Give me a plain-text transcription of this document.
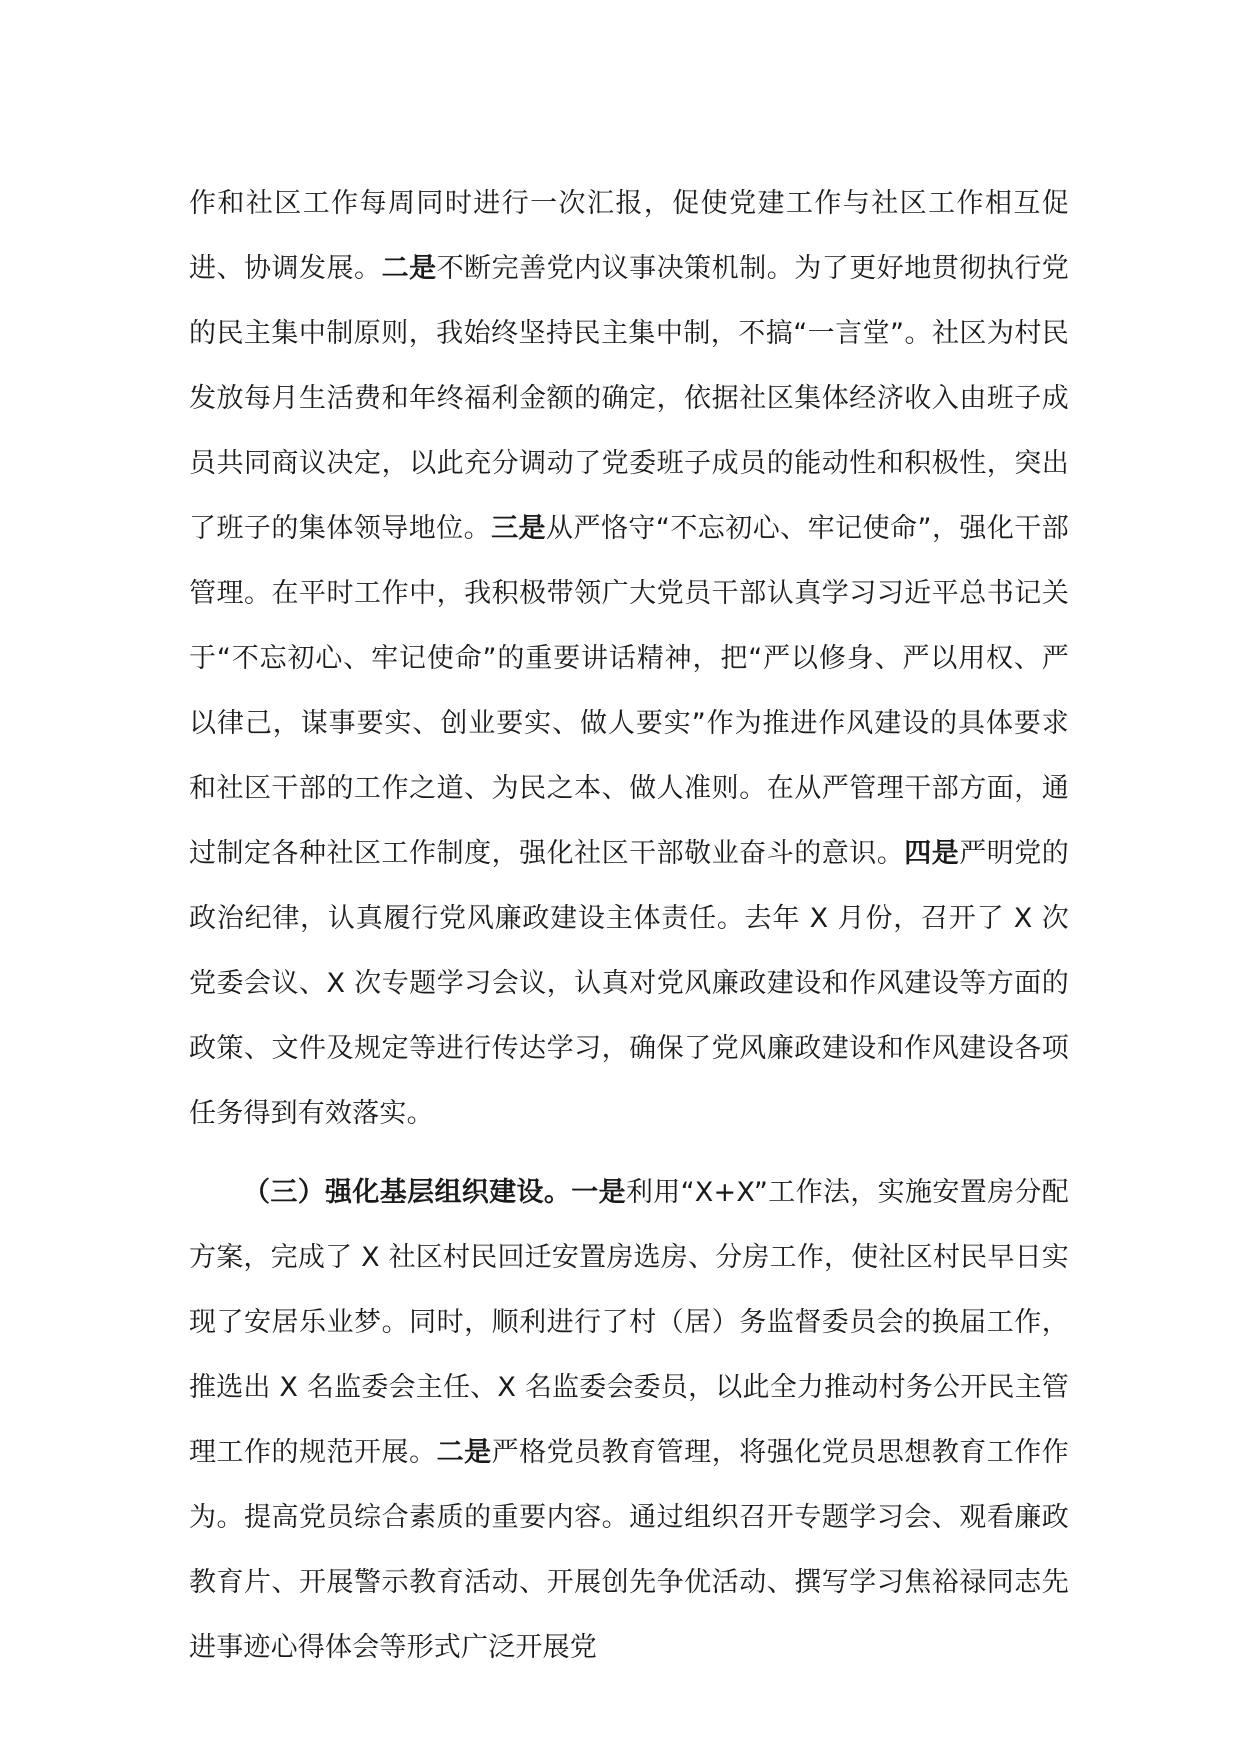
作和社区工作每周同时进行一次汇报，促使党建工作与社区工作相互促进、协调发展。二是不断完善党内议事决策机制。为了更好地贯彻执行党的民主集中制原则，我始终坚持民主集中制，不搞“一言堂”。社区为村民发放每月生活费和年终福利金额的确定，依据社区集体经济收入由班子成员共同商议决定，以此充分调动了党委班子成员的能动性和积极性，突出了班子的集体领导地位。三是从严恪守“不忘初心、牢记使命”，强化干部管理。在平时工作中，我积极带领广大党员干部认真学习习近平总书记关于“不忘初心、牢记使命”的重要讲话精神，把“严以修身、严以用权、严以律己，谋事要实、创业要实、做人要实”作为推进作风建设的具体要求和社区干部的工作之道、为民之本、做人准则。在从严管理干部方面，通过制定各种社区工作制度，强化社区干部敬业奋斗的意识。四是严明党的政治纪律，认真履行党风廉政建设主体责任。去年 X 月份，召开了 X 次党委会议、X 次专题学习会议，认真对党风廉政建设和作风建设等方面的政策、文件及规定等进行传达学习，确保了党风廉政建设和作风建设各项任务得到有效落实。

（三）强化基层组织建设。一是利用“X+X”工作法，实施安置房分配方案，完成了 X 社区村民回迁安置房选房、分房工作，使社区村民早日实现了安居乐业梦。同时，顺利进行了村（居）务监督委员会的换届工作，推选出 X 名监委会主任、X 名监委会委员，以此全力推动村务公开民主管理工作的规范开展。二是严格党员教育管理，将强化党员思想教育工作作为。提高党员综合素质的重要内容。通过组织召开专题学习会、观看廉政教育片、开展警示教育活动、开展创先争优活动、撰写学习焦裕禄同志先进事迹心得体会等形式广泛开展党
